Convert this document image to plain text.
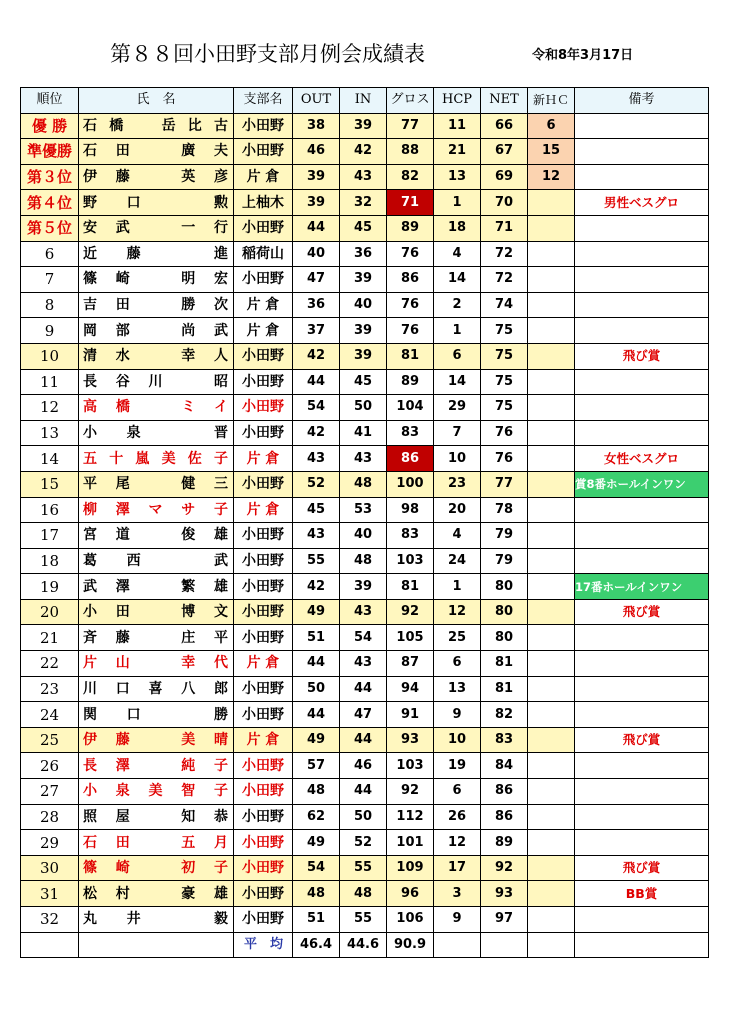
第８８回小田野支部月例会成績表	令和8年3月17日
順位	氏　名	支部名	OUT	IN	グロス	HCP	NET	新ＨＣ	備考
優 勝	石橋　岳比古	小田野	38	39	77	11	66	6	
準優勝	石田　廣夫	小田野	46	42	88	21	67	15	
第３位	伊藤　英彦	片 倉	39	43	82	13	69	12	
第４位	野口　勲	上柚木	39	32	71	1	70		男性ベスグロ
第５位	安武　一行	小田野	44	45	89	18	71		
6	近藤　進	稲荷山	40	36	76	4	72		
7	篠崎　明宏	小田野	47	39	86	14	72		
8	吉田　勝次	片 倉	36	40	76	2	74		
9	岡部　尚武	片 倉	37	39	76	1	75		
10	清水　幸人	小田野	42	39	81	6	75		飛び賞
11	長谷川　昭	小田野	44	45	89	14	75		
12	高橋　ミイ	小田野	54	50	104	29	75		
13	小泉　晋	小田野	42	41	83	7	76		
14	五十嵐美佐子	片 倉	43	43	86	10	76		女性ベスグロ
15	平尾　健三	小田野	52	48	100	23	77		賞8番ホールインワン
16	柳澤マサ子	片 倉	45	53	98	20	78		
17	宮道　俊雄	小田野	43	40	83	4	79		
18	葛西　武	小田野	55	48	103	24	79		
19	武澤　繁雄	小田野	42	39	81	1	80		17番ホールインワン
20	小田　博文	小田野	49	43	92	12	80		飛び賞
21	斉藤　庄平	小田野	51	54	105	25	80		
22	片山　幸代	片 倉	44	43	87	6	81		
23	川口喜八郎	小田野	50	44	94	13	81		
24	関口　勝	小田野	44	47	91	9	82		
25	伊藤　美晴	片 倉	49	44	93	10	83		飛び賞
26	長澤　純子	小田野	57	46	103	19	84		
27	小泉美智子	小田野	48	44	92	6	86		
28	照屋　知恭	小田野	62	50	112	26	86		
29	石田　五月	小田野	49	52	101	12	89		
30	篠崎　初子	小田野	54	55	109	17	92		飛び賞
31	松村　豪雄	小田野	48	48	96	3	93		BB賞
32	丸井　毅	小田野	51	55	106	9	97		
		平　均	46.4	44.6	90.9				
